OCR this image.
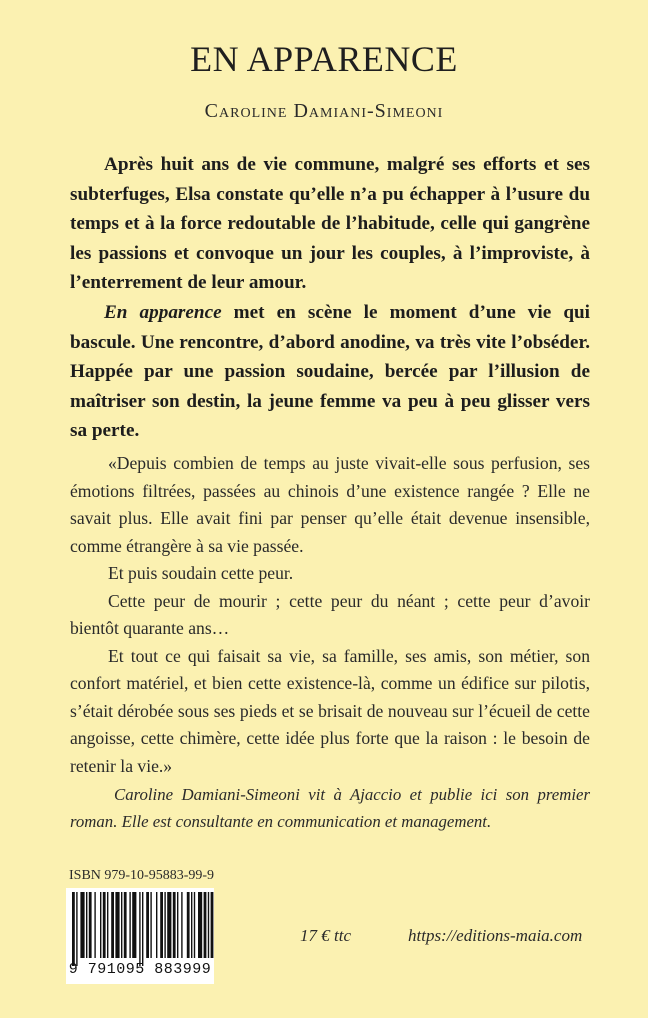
EN APPARENCE
Caroline Damiani-Simeoni

Après huit ans de vie commune, malgré ses efforts et ses subterfuges, Elsa constate qu’elle n’a pu échapper à l’usure du temps et à la force redoutable de l’habitude, celle qui gangrène les passions et convoque un jour les couples, à l’improviste, à l’enterrement de leur amour.

En apparence met en scène le moment d’une vie qui bascule. Une rencontre, d’abord anodine, va très vite l’obséder. Happée par une passion soudaine, bercée par l’illusion de maîtriser son destin, la jeune femme va peu à peu glisser vers sa perte.

«Depuis combien de temps au juste vivait-elle sous perfusion, ses émotions filtrées, passées au chinois d’une existence rangée ? Elle ne savait plus. Elle avait fini par penser qu’elle était devenue insensible, comme étrangère à sa vie passée.

Et puis soudain cette peur.

Cette peur de mourir ; cette peur du néant ; cette peur d’avoir bientôt quarante ans…

Et tout ce qui faisait sa vie, sa famille, ses amis, son métier, son confort matériel, et bien cette existence-là, comme un édifice sur pilotis, s’était dérobée sous ses pieds et se brisait de nouveau sur l’écueil de cette angoisse, cette chimère, cette idée plus forte que la raison : le besoin de retenir la vie.»

Caroline Damiani-Simeoni vit à Ajaccio et publie ici son premier roman. Elle est consultante en communication et management.

ISBN 979-10-95883-99-9
9 791095 883999
17 € ttc	https://editions-maia.com
